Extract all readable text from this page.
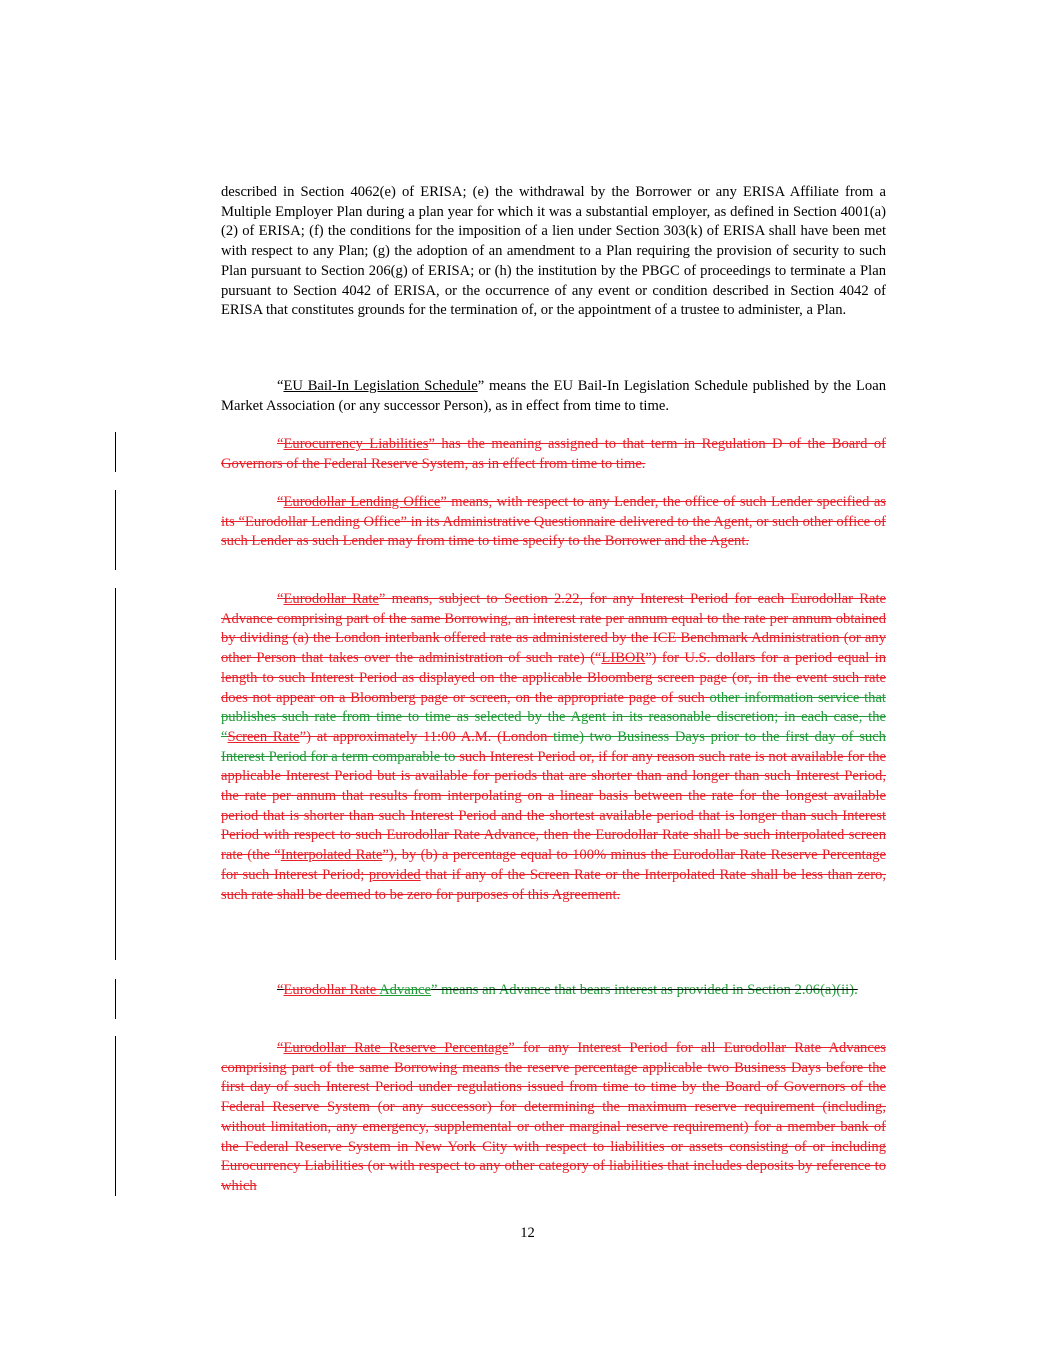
described in Section 4062(e) of ERISA; (e) the withdrawal by the Borrower or any ERISA Affiliate from a Multiple Employer Plan during a plan year for which it was a substantial employer, as defined in Section 4001(a)(2) of ERISA; (f) the conditions for the imposition of a lien under Section 303(k) of ERISA shall have been met with respect to any Plan; (g) the adoption of an amendment to a Plan requiring the provision of security to such Plan pursuant to Section 206(g) of ERISA; or (h) the institution by the PBGC of proceedings to terminate a Plan pursuant to Section 4042 of ERISA, or the occurrence of any event or condition described in Section 4042 of ERISA that constitutes grounds for the termination of, or the appointment of a trustee to administer, a Plan.

“EU Bail-In Legislation Schedule” means the EU Bail-In Legislation Schedule published by the Loan Market Association (or any successor Person), as in effect from time to time.

“Eurocurrency Liabilities” has the meaning assigned to that term in Regulation D of the Board of Governors of the Federal Reserve System, as in effect from time to time.

“Eurodollar Lending Office” means, with respect to any Lender, the office of such Lender specified as its “Eurodollar Lending Office” in its Administrative Questionnaire delivered to the Agent, or such other office of such Lender as such Lender may from time to time specify to the Borrower and the Agent.

“Eurodollar Rate” means, subject to Section 2.22, for any Interest Period for each Eurodollar Rate Advance comprising part of the same Borrowing, an interest rate per annum equal to the rate per annum obtained by dividing (a) the London interbank offered rate as administered by the ICE Benchmark Administration (or any other Person that takes over the administration of such rate) (“LIBOR”) for U.S. dollars for a period equal in length to such Interest Period as displayed on the applicable Bloomberg screen page (or, in the event such rate does not appear on a Bloomberg page or screen, on the appropriate page of such other information service that publishes such rate from time to time as selected by the Agent in its reasonable discretion; in each case, the “Screen Rate”) at approximately 11:00 A.M. (London time) two Business Days prior to the first day of such Interest Period for a term comparable to such Interest Period or, if for any reason such rate is not available for the applicable Interest Period but is available for periods that are shorter than and longer than such Interest Period, the rate per annum that results from interpolating on a linear basis between the rate for the longest available period that is shorter than such Interest Period and the shortest available period that is longer than such Interest Period with respect to such Eurodollar Rate Advance, then the Eurodollar Rate shall be such interpolated screen rate (the “Interpolated Rate”), by (b) a percentage equal to 100% minus the Eurodollar Rate Reserve Percentage for such Interest Period; provided that if any of the Screen Rate or the Interpolated Rate shall be less than zero, such rate shall be deemed to be zero for purposes of this Agreement.

“Eurodollar Rate Advance” means an Advance that bears interest as provided in Section 2.06(a)(ii).

“Eurodollar Rate Reserve Percentage” for any Interest Period for all Eurodollar Rate Advances comprising part of the same Borrowing means the reserve percentage applicable two Business Days before the first day of such Interest Period under regulations issued from time to time by the Board of Governors of the Federal Reserve System (or any successor) for determining the maximum reserve requirement (including, without limitation, any emergency, supplemental or other marginal reserve requirement) for a member bank of the Federal Reserve System in New York City with respect to liabilities or assets consisting of or including Eurocurrency Liabilities (or with respect to any other category of liabilities that includes deposits by reference to which

12
